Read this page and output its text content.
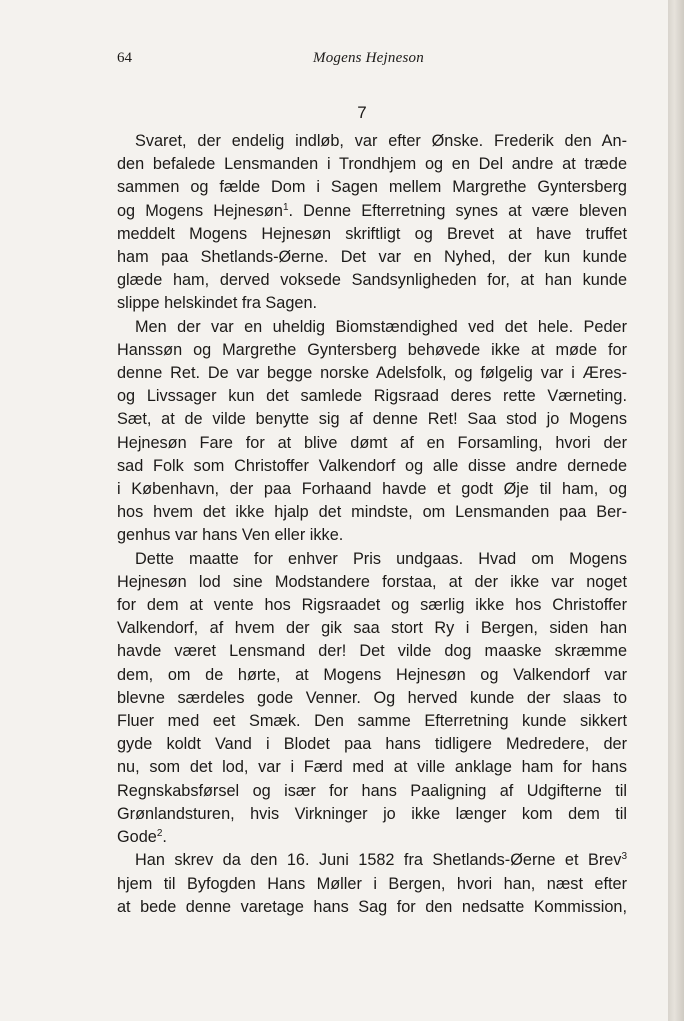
64	Mogens Hejneson
7

Svaret, der endelig indløb, var efter Ønske. Frederik den An-
den befalede Lensmanden i Trondhjem og en Del andre at træde
sammen og fælde Dom i Sagen mellem Margrethe Gyntersberg
og Mogens Hejnesøn$^1$. Denne Efterretning synes at være bleven
meddelt Mogens Hejnesøn skriftligt og Brevet at have truffet
ham paa Shetlands-Øerne. Det var en Nyhed, der kun kunde
glæde ham, derved voksede Sandsynligheden for, at han kunde
slippe helskindet fra Sagen.

Men der var en uheldig Biomstændighed ved det hele. Peder
Hanssøn og Margrethe Gyntersberg behøvede ikke at møde for
denne Ret. De var begge norske Adelsfolk, og følgelig var i Æres-
og Livssager kun det samlede Rigsraad deres rette Værneting.
Sæt, at de vilde benytte sig af denne Ret! Saa stod jo Mogens
Hejnesøn Fare for at blive dømt af en Forsamling, hvori der
sad Folk som Christoffer Valkendorf og alle disse andre dernede
i København, der paa Forhaand havde et godt Øje til ham, og
hos hvem det ikke hjalp det mindste, om Lensmanden paa Ber-
genhus var hans Ven eller ikke.

Dette maatte for enhver Pris undgaas. Hvad om Mogens
Hejnesøn lod sine Modstandere forstaa, at der ikke var noget
for dem at vente hos Rigsraadet og særlig ikke hos Christoffer
Valkendorf, af hvem der gik saa stort Ry i Bergen, siden han
havde været Lensmand der! Det vilde dog maaske skræmme
dem, om de hørte, at Mogens Hejnesøn og Valkendorf var
blevne særdeles gode Venner. Og herved kunde der slaas to
Fluer med eet Smæk. Den samme Efterretning kunde sikkert
gyde koldt Vand i Blodet paa hans tidligere Medredere, der
nu, som det lod, var i Færd med at ville anklage ham for hans
Regnskabsførsel og især for hans Paaligning af Udgifterne til
Grønlandsturen, hvis Virkninger jo ikke længer kom dem til
Gode$^2$.

Han skrev da den 16. Juni 1582 fra Shetlands-Øerne et Brev$^3$
hjem til Byfogden Hans Møller i Bergen, hvori han, næst efter
at bede denne varetage hans Sag for den nedsatte Kommission,
